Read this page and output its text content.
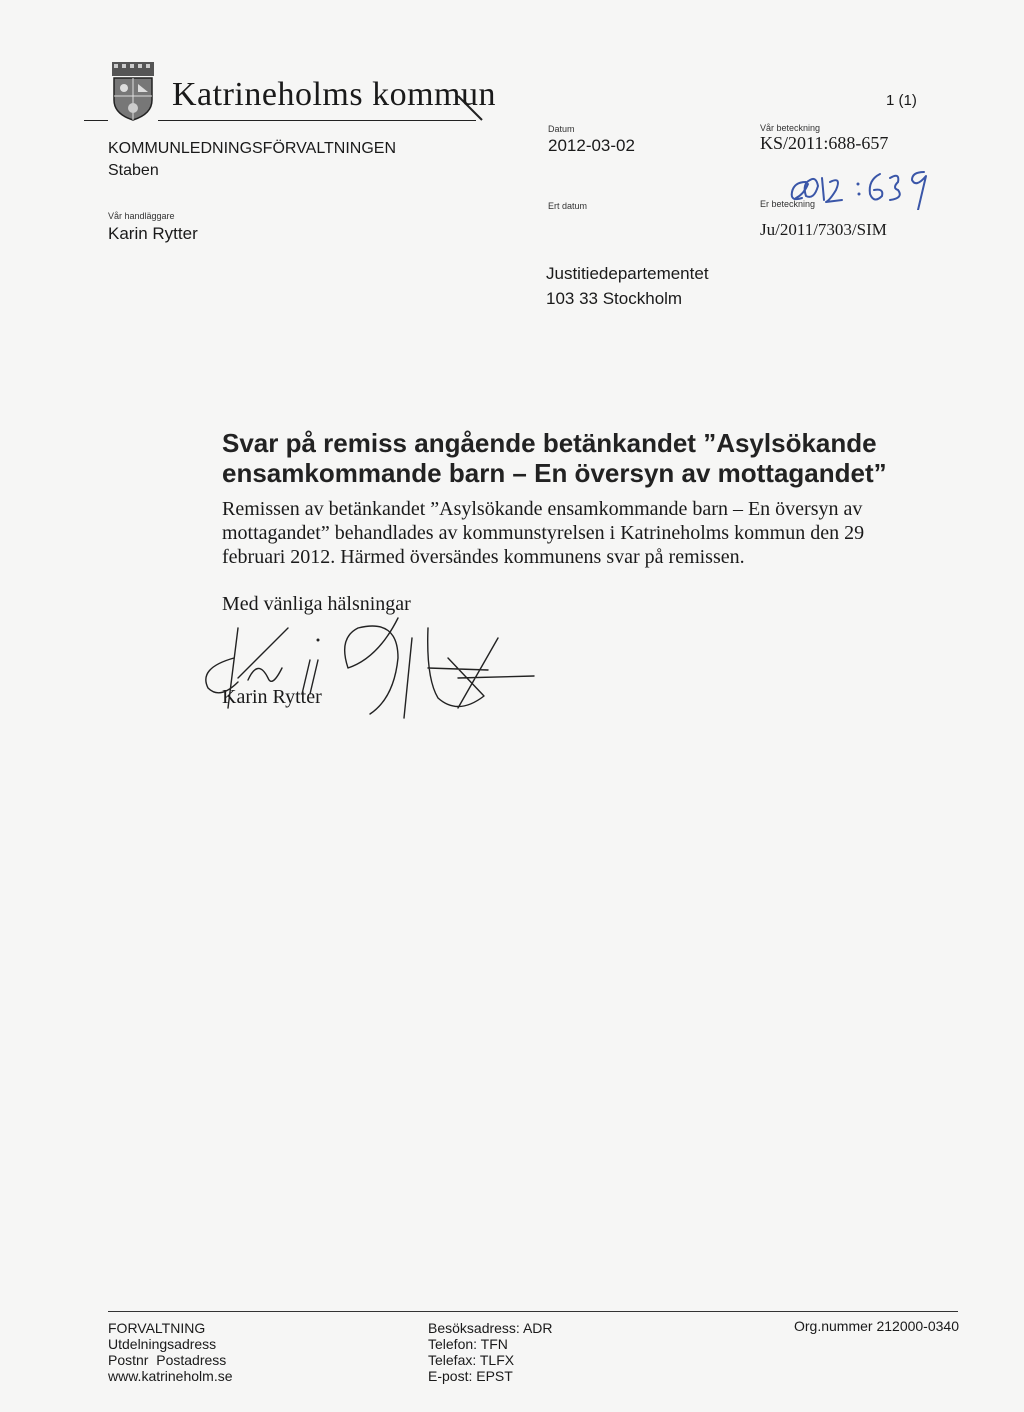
Katrineholms kommun
KOMMUNLEDNINGSFÖRVALTNINGEN
Staben
Vår handläggare
Karin Rytter
1 (1)
Datum
2012-03-02
Ert datum
Vår beteckning
KS/2011:688-657
Er beteckning
Ju/2011/7303/SIM
Justitiedepartementet
103 33 Stockholm
Svar på remiss angående betänkandet ”Asylsökande
ensamkommande barn – En översyn av mottagandet”
Remissen av betänkandet ”Asylsökande ensamkommande barn – En översyn av
mottagandet” behandlades av kommunstyrelsen i Katrineholms kommun den 29
februari 2012. Härmed översändes kommunens svar på remissen.
Med vänliga hälsningar
Karin Rytter
FORVALTNING
Utdelningsadress
Postnr  Postadress
www.katrineholm.se
Besöksadress: ADR
Telefon: TFN
Telefax: TLFX
E-post: EPST
Org.nummer 212000-0340
